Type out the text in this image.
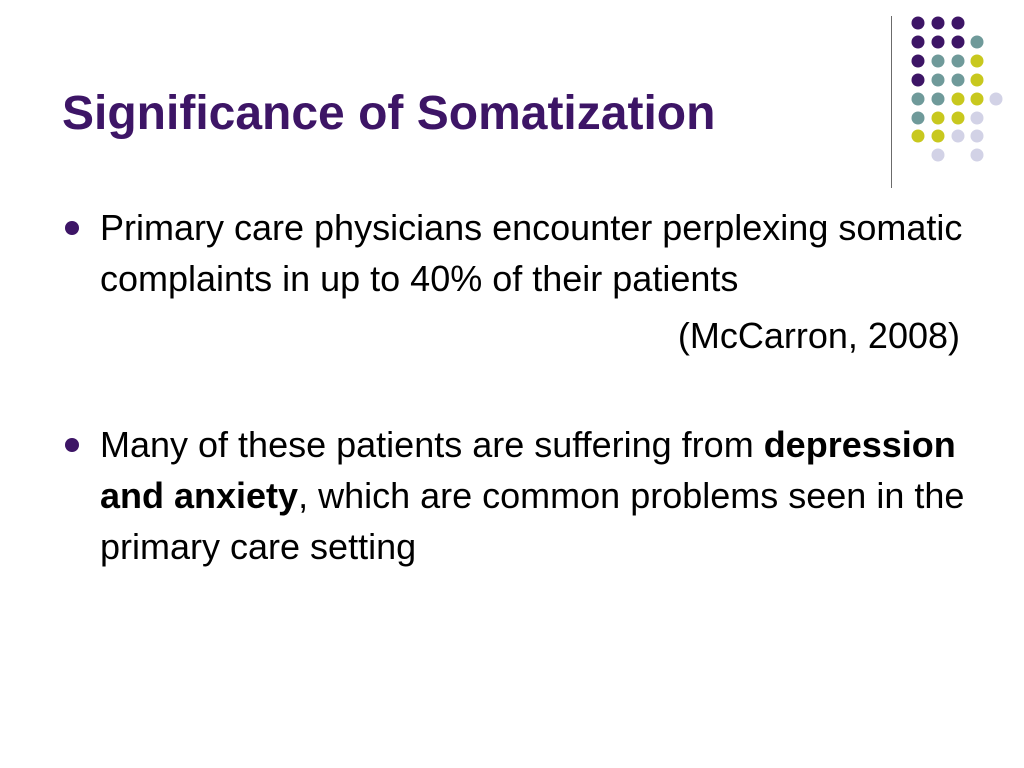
Significance of Somatization
Primary care physicians encounter perplexing somatic complaints in up to 40% of their patients
(McCarron, 2008)
Many of these patients are suffering from depression and anxiety, which are common problems seen in the primary care setting
